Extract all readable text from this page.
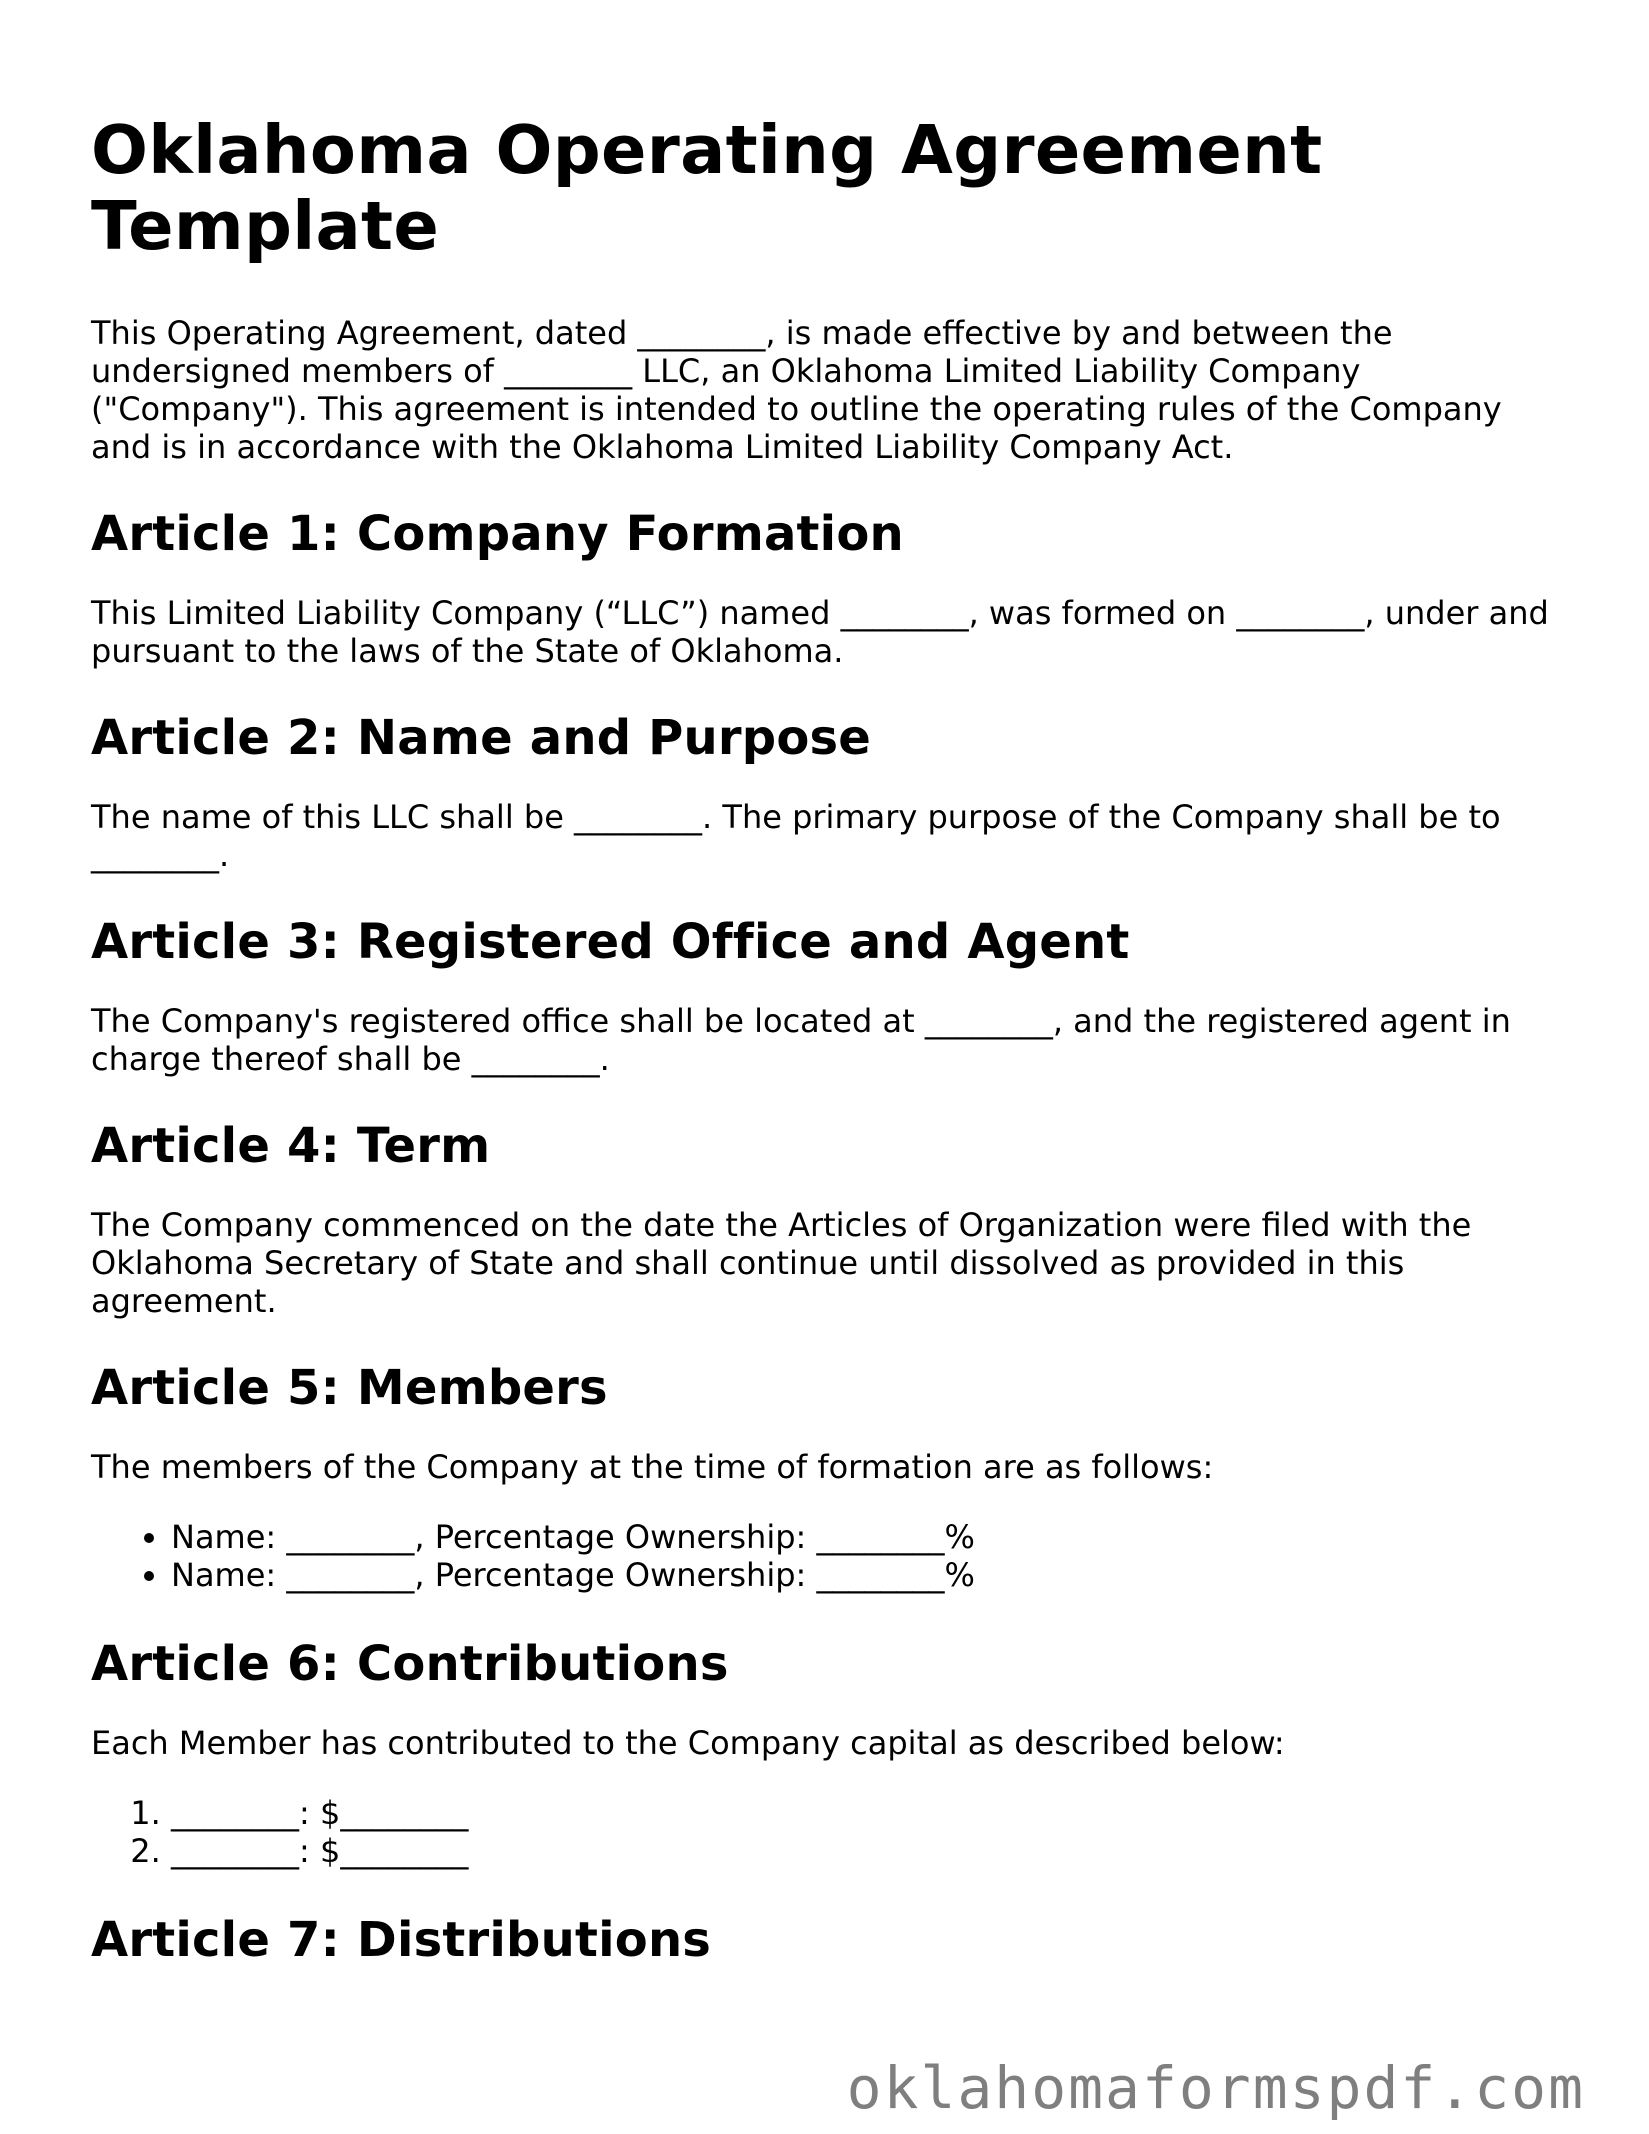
Oklahoma Operating Agreement Template

This Operating Agreement, dated ________, is made effective by and between the
undersigned members of ________ LLC, an Oklahoma Limited Liability Company
("Company"). This agreement is intended to outline the operating rules of the Company
and is in accordance with the Oklahoma Limited Liability Company Act.

Article 1: Company Formation

This Limited Liability Company (“LLC”) named ________, was formed on ________, under and
pursuant to the laws of the State of Oklahoma.

Article 2: Name and Purpose

The name of this LLC shall be ________. The primary purpose of the Company shall be to
________.

Article 3: Registered Office and Agent

The Company's registered office shall be located at ________, and the registered agent in
charge thereof shall be ________.

Article 4: Term

The Company commenced on the date the Articles of Organization were filed with the
Oklahoma Secretary of State and shall continue until dissolved as provided in this
agreement.

Article 5: Members

The members of the Company at the time of formation are as follows:

• Name: ________, Percentage Ownership: ________%
• Name: ________, Percentage Ownership: ________%
Article 6: Contributions

Each Member has contributed to the Company capital as described below:

1. ________: $________
2. ________: $________
Article 7: Distributions
oklahomaformspdf.com
